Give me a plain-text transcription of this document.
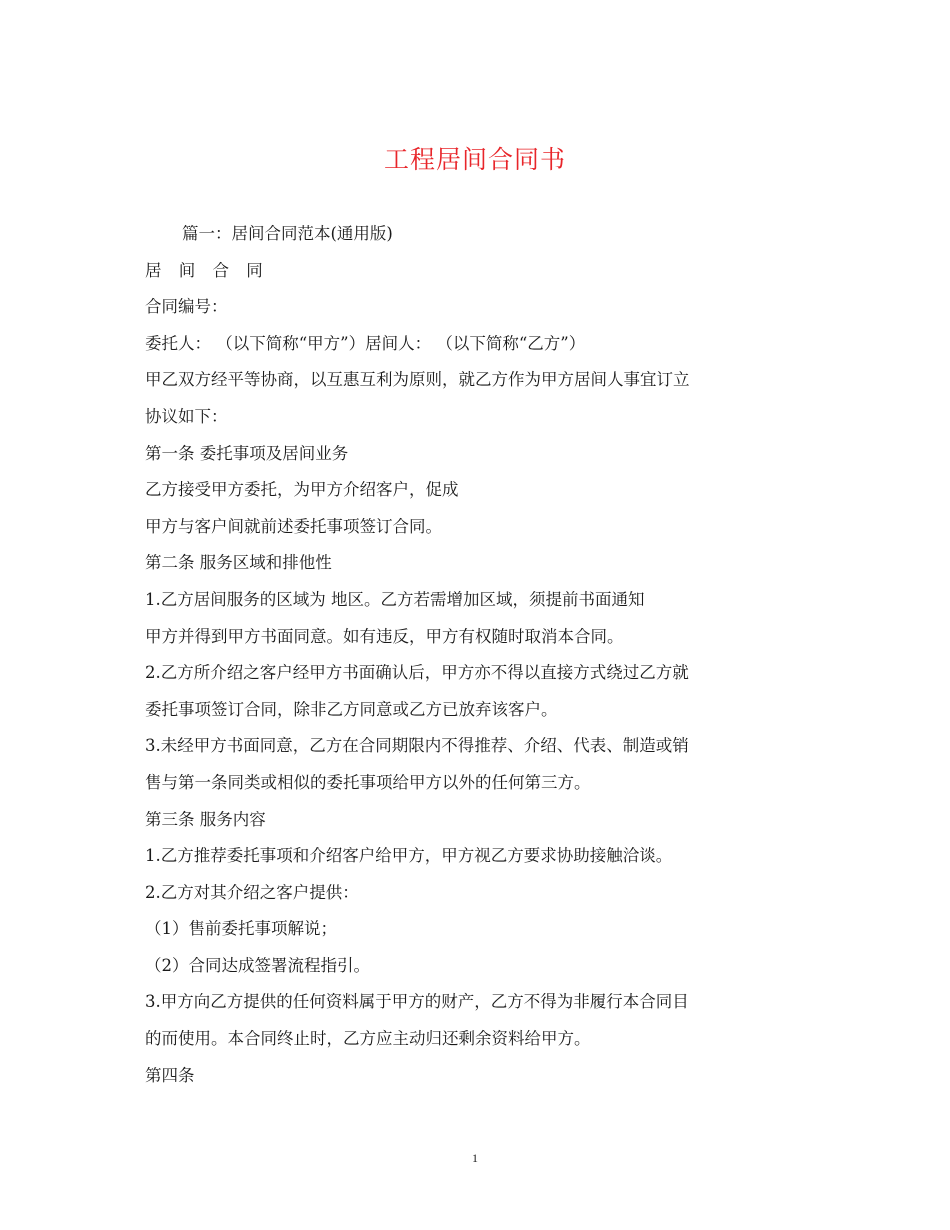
工程居间合同书
篇一：居间合同范本(通用版)
居 间 合 同
合同编号：
委托人： （以下简称“甲方”）居间人： （以下简称“乙方”）
甲乙双方经平等协商，以互惠互利为原则，就乙方作为甲方居间人事宜订立
协议如下：
第一条 委托事项及居间业务
乙方接受甲方委托，为甲方介绍客户，促成
甲方与客户间就前述委托事项签订合同。
第二条 服务区域和排他性
1.乙方居间服务的区域为 地区。乙方若需增加区域，须提前书面通知
甲方并得到甲方书面同意。如有违反，甲方有权随时取消本合同。
2.乙方所介绍之客户经甲方书面确认后，甲方亦不得以直接方式绕过乙方就
委托事项签订合同，除非乙方同意或乙方已放弃该客户。
3.未经甲方书面同意，乙方在合同期限内不得推荐、介绍、代表、制造或销
售与第一条同类或相似的委托事项给甲方以外的任何第三方。
第三条 服务内容
1.乙方推荐委托事项和介绍客户给甲方，甲方视乙方要求协助接触洽谈。
2.乙方对其介绍之客户提供：
（1）售前委托事项解说；
（2）合同达成签署流程指引。
3.甲方向乙方提供的任何资料属于甲方的财产，乙方不得为非履行本合同目
的而使用。本合同终止时，乙方应主动归还剩余资料给甲方。
第四条
1
